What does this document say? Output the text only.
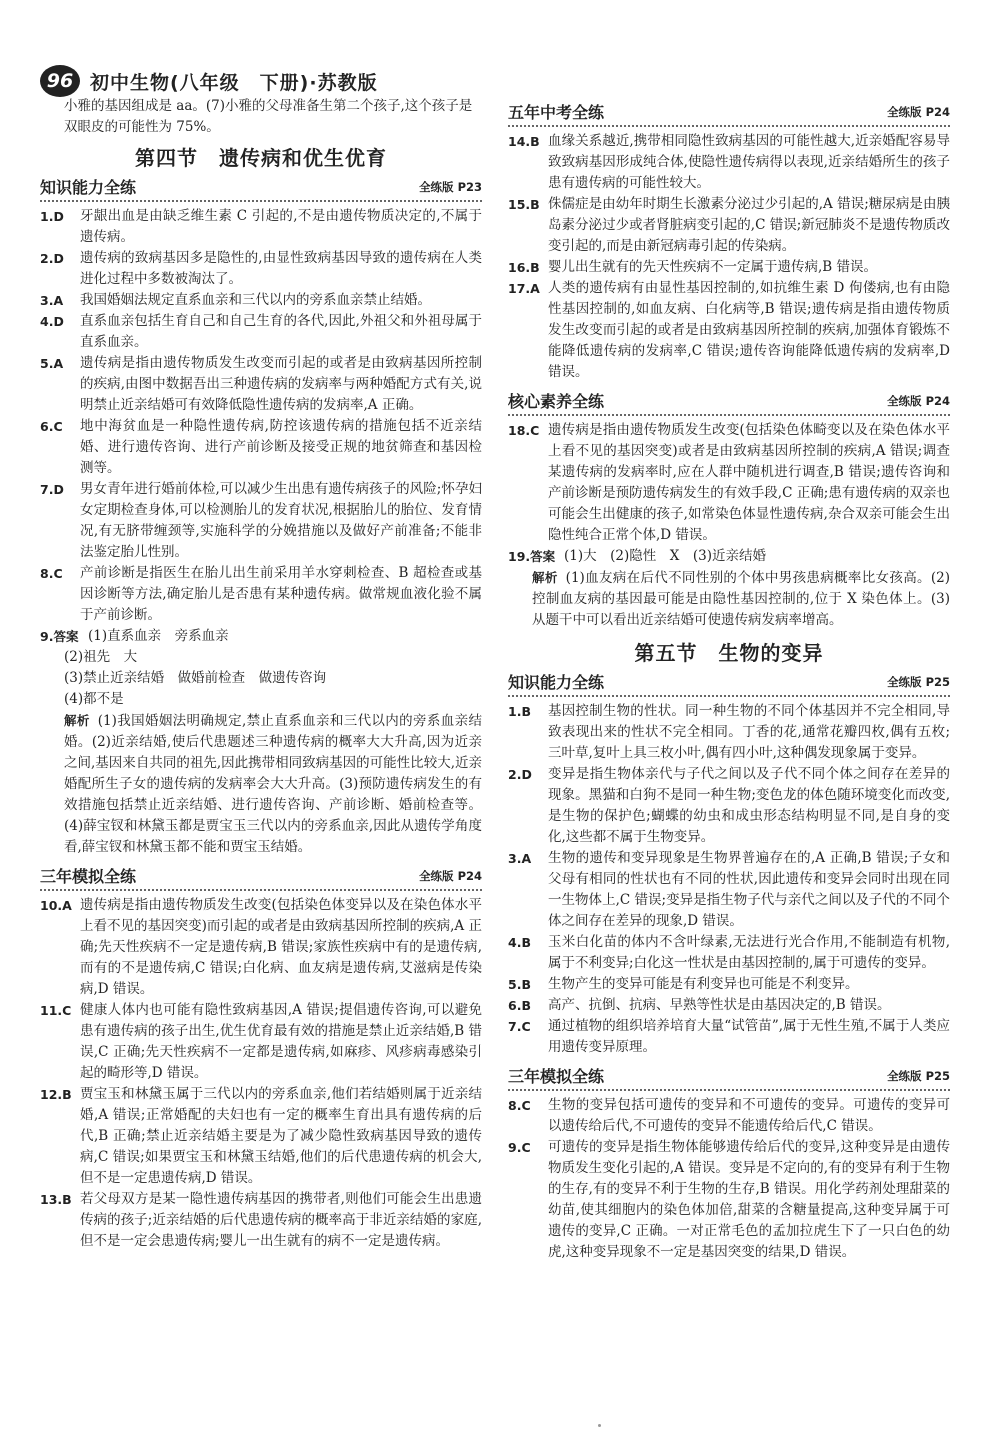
96 初中生物(八年级　下册)·苏教版
小雅的基因组成是 aa。(7)小雅的父母准备生第二个孩子,这个孩子是双眼皮的可能性为 75%。
第四节　遗传病和优生优育
知识能力全练	全练版 P23
1.D	牙龈出血是由缺乏维生素 C 引起的,不是由遗传物质决定的,不属于遗传病。
2.D	遗传病的致病基因多是隐性的,由显性致病基因导致的遗传病在人类进化过程中多数被淘汰了。
3.A	我国婚姻法规定直系血亲和三代以内的旁系血亲禁止结婚。
4.D	直系血亲包括生育自己和自己生育的各代,因此,外祖父和外祖母属于直系血亲。
5.A	遗传病是指由遗传物质发生改变而引起的或者是由致病基因所控制的疾病,由图中数据吾出三种遗传病的发病率与两种婚配方式有关,说明禁止近亲结婚可有效降低隐性遗传病的发病率,A 正确。
6.C	地中海贫血是一种隐性遗传病,防控该遗传病的措施包括不近亲结婚、进行遗传咨询、进行产前诊断及接受正规的地贫筛查和基因检测等。
7.D	男女青年进行婚前体检,可以减少生出患有遗传病孩子的风险;怀孕妇女定期检查身体,可以检测胎儿的发育状况,根据胎儿的胎位、发育情况,有无脐带缠颈等,实施科学的分娩措施以及做好产前准备;不能非法鉴定胎儿性别。
8.C	产前诊断是指医生在胎儿出生前采用羊水穿刺检查、B 超检查或基因诊断等方法,确定胎儿是否患有某种遗传病。做常规血液化验不属于产前诊断。
9.答案 (1)直系血亲　旁系血亲
(2)祖先　大
(3)禁止近亲结婚　做婚前检查　做遗传咨询
(4)都不是
解析 (1)我国婚姻法明确规定,禁止直系血亲和三代以内的旁系血亲结婚。(2)近亲结婚,使后代患题述三种遗传病的概率大大升高,因为近亲之间,基因来自共同的祖先,因此携带相同致病基因的可能性比较大,近亲婚配所生子女的遗传病的发病率会大大升高。(3)预防遗传病发生的有效措施包括禁止近亲结婚、进行遗传咨询、产前诊断、婚前检查等。(4)薛宝钗和林黛玉都是贾宝玉三代以内的旁系血亲,因此从遗传学角度看,薛宝钗和林黛玉都不能和贾宝玉结婚。
三年模拟全练	全练版 P24
10.A 遗传病是指由遗传物质发生改变(包括染色体变异以及在染色体水平上看不见的基因突变)而引起的或者是由致病基因所控制的疾病,A 正确;先天性疾病不一定是遗传病,B 错误;家族性疾病中有的是遗传病,而有的不是遗传病,C 错误;白化病、血友病是遗传病,艾滋病是传染病,D 错误。
11.C 健康人体内也可能有隐性致病基因,A 错误;提倡遗传咨询,可以避免患有遗传病的孩子出生,优生优育最有效的措施是禁止近亲结婚,B 错误,C 正确;先天性疾病不一定都是遗传病,如麻疹、风疹病毒感染引起的畸形等,D 错误。
12.B 贾宝玉和林黛玉属于三代以内的旁系血亲,他们若结婚则属于近亲结婚,A 错误;正常婚配的夫妇也有一定的概率生育出具有遗传病的后代,B 正确;禁止近亲结婚主要是为了减少隐性致病基因导致的遗传病,C 错误;如果贾宝玉和林黛玉结婚,他们的后代患遗传病的机会大,但不是一定患遗传病,D 错误。
13.B 若父母双方是某一隐性遗传病基因的携带者,则他们可能会生出患遗传病的孩子;近亲结婚的后代患遗传病的概率高于非近亲结婚的家庭,但不是一定会患遗传病;婴儿一出生就有的病不一定是遗传病。
五年中考全练	全练版 P24
14.B 血缘关系越近,携带相同隐性致病基因的可能性越大,近亲婚配容易导致致病基因形成纯合体,使隐性遗传病得以表现,近亲结婚所生的孩子患有遗传病的可能性较大。
15.B 侏儒症是由幼年时期生长激素分泌过少引起的,A 错误;糖尿病是由胰岛素分泌过少或者肾脏病变引起的,C 错误;新冠肺炎不是遗传物质改变引起的,而是由新冠病毒引起的传染病。
16.B 婴儿出生就有的先天性疾病不一定属于遗传病,B 错误。
17.A 人类的遗传病有由显性基因控制的,如抗维生素 D 佝偻病,也有由隐性基因控制的,如血友病、白化病等,B 错误;遗传病是指由遗传物质发生改变而引起的或者是由致病基因所控制的疾病,加强体育锻炼不能降低遗传病的发病率,C 错误;遗传咨询能降低遗传病的发病率,D 错误。
核心素养全练	全练版 P24
18.C 遗传病是指由遗传物质发生改变(包括染色体畸变以及在染色体水平上看不见的基因突变)或者是由致病基因所控制的疾病,A 错误;调查某遗传病的发病率时,应在人群中随机进行调查,B 错误;遗传咨询和产前诊断是预防遗传病发生的有效手段,C 正确;患有遗传病的双亲也可能会生出健康的孩子,如常染色体显性遗传病,杂合双亲可能会生出隐性纯合正常个体,D 错误。
19.答案 (1)大　(2)隐性　X　(3)近亲结婚
解析 (1)血友病在后代不同性别的个体中男孩患病概率比女孩高。(2)控制血友病的基因最可能是由隐性基因控制的,位于 X 染色体上。(3)从题干中可以看出近亲结婚可使遗传病发病率增高。
第五节　生物的变异
知识能力全练	全练版 P25
1.B	基因控制生物的性状。同一种生物的不同个体基因并不完全相同,导致表现出来的性状不完全相同。丁香的花,通常花瓣四枚,偶有五枚;三叶草,复叶上具三枚小叶,偶有四小叶,这种偶发现象属于变异。
2.D	变异是指生物体亲代与子代之间以及子代不同个体之间存在差异的现象。黑猫和白狗不是同一种生物;变色龙的体色随环境变化而改变,是生物的保护色;蝴蝶的幼虫和成虫形态结构明显不同,是自身的变化,这些都不属于生物变异。
3.A	生物的遗传和变异现象是生物界普遍存在的,A 正确,B 错误;子女和父母有相同的性状也有不同的性状,因此遗传和变异会同时出现在同一生物体上,C 错误;变异是指生物子代与亲代之间以及子代的不同个体之间存在差异的现象,D 错误。
4.B	玉米白化苗的体内不含叶绿素,无法进行光合作用,不能制造有机物,属于不利变异;白化这一性状是由基因控制的,属于可遗传的变异。
5.B	生物产生的变异可能是有利变异也可能是不利变异。
6.B	高产、抗倒、抗病、早熟等性状是由基因决定的,B 错误。
7.C	通过植物的组织培养培育大量“试管苗”,属于无性生殖,不属于人类应用遗传变异原理。
三年模拟全练	全练版 P25
8.C	生物的变异包括可遗传的变异和不可遗传的变异。可遗传的变异可以遗传给后代,不可遗传的变异不能遗传给后代,C 错误。
9.C	可遗传的变异是指生物体能够遗传给后代的变异,这种变异是由遗传物质发生变化引起的,A 错误。变异是不定向的,有的变异有利于生物的生存,有的变异不利于生物的生存,B 错误。用化学药剂处理甜菜的幼苗,使其细胞内的染色体加倍,甜菜的含糖量提高,这种变异属于可遗传的变异,C 正确。一对正常毛色的孟加拉虎生下了一只白色的幼虎,这种变异现象不一定是基因突变的结果,D 错误。
